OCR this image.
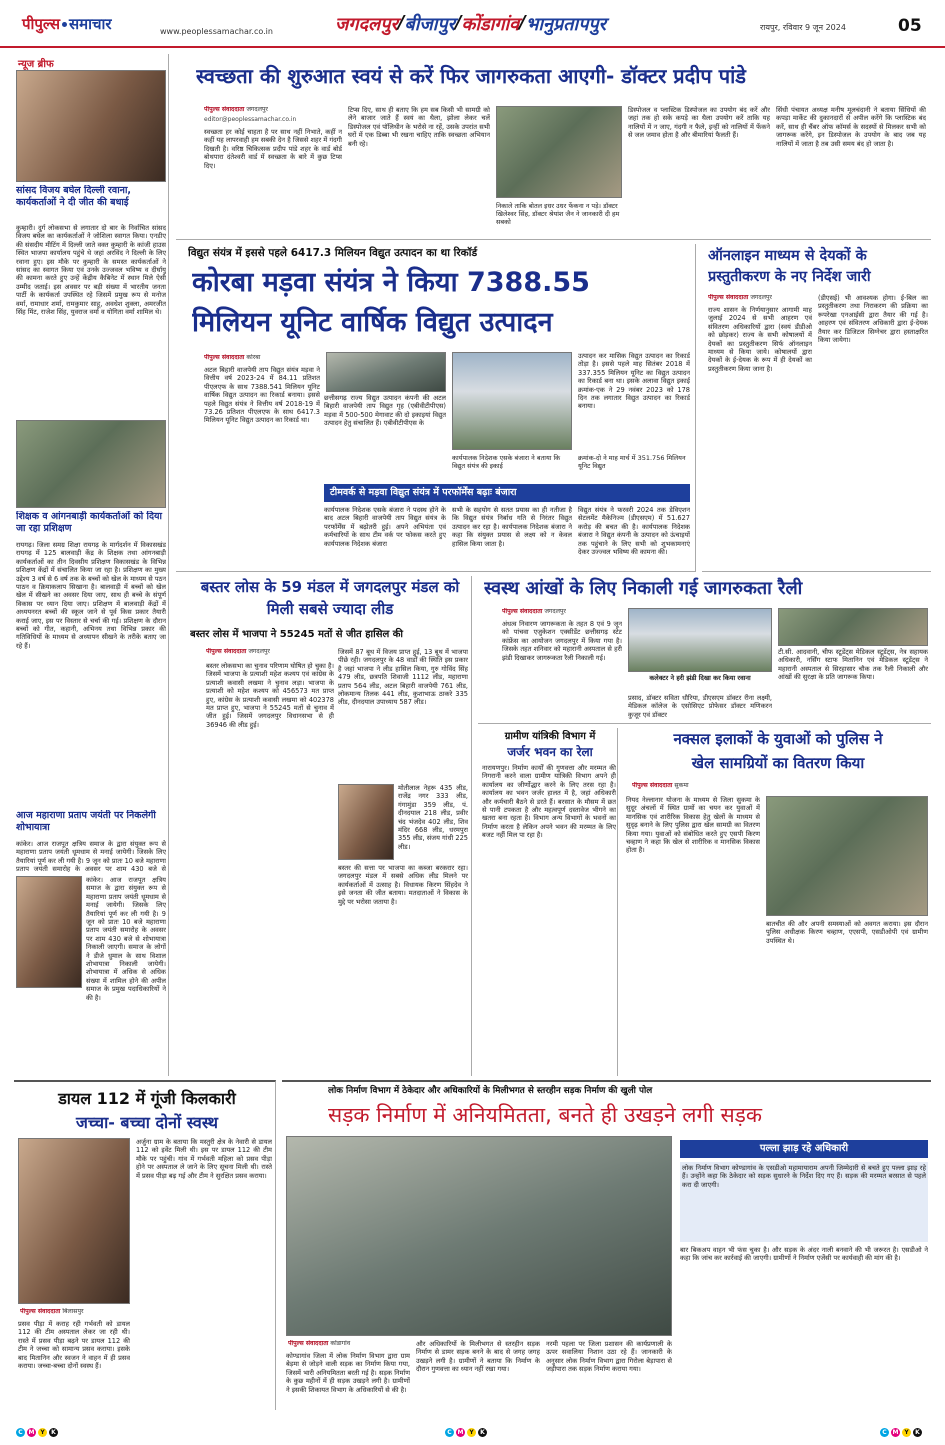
पीपुल्स समाचार	www.peoplessamachar.co.in	जगदलपुर / बीजापुर / कोंडागांव / भानुप्रतापपुर	रायपुर, रविवार 9 जून 2024	05
न्यूज ब्रीफ
सांसद विजय बघेल दिल्ली रवाना, कार्यकर्ताओं ने दी जीत की बधाई
कुम्हारी। दुर्ग लोकसभा से लगातार दो बार के निर्वाचित सांसद विजय बघेल का कार्यकर्ताओं ने जोशिला स्वागत किया। एनडीए की संसदीय मीटिंग में दिल्ली जाते वक्त कुम्हारी के कांजी हाउस स्थित भाजपा कार्यालय पहुंचे थे जहां अरविंद ने दिल्ली के लिए रवाना हुए। इस मौके पर कुम्हारी के समस्त कार्यकर्ताओं ने सांसद का स्वागत किया एवं उनके उज्जवल भविष्य व दीर्घायु की कामना करते हुए उन्हें केंद्रीय कैबिनेट में स्थान मिले ऐसी उम्मीद जताई। इस अवसर पर बड़ी संख्या में भारतीय जनता पार्टी के कार्यकर्ता उपस्थित रहे जिसमें प्रमुख रूप से मनोज वर्मा, रामाधार शर्मा, रामकुमार साहू, अवधेश शुक्ला, अमरजीत सिंह मिंट, राजेश सिंह, युवराज वर्मा व योगिता वर्मा शामिल थे।
शिक्षक व आंगनबाड़ी कार्यकर्ताओं को दिया जा रहा प्रशिक्षण
रायगढ़। जिला समग्र शिक्षा रायगढ़ के मार्गदर्शन में विकासखंड रायगढ़ में 125 बालवाड़ी केंद्र के शिक्षक तथा आंगनबाड़ी कार्यकर्ताओं का तीन दिवसीय प्रशिक्षण विकासखंड के विभिन्न प्रशिक्षण केंद्रों में संचालित किया जा रहा है। प्रशिक्षण का मुख्य उद्देश्य 3 वर्ष से 6 वर्ष तक के बच्चों को खेल के माध्यम से पठन पाठन व क्रियाकलाप सिखाना है। बालवाड़ी में बच्चों को खेल खेल में सीखने का अवसर दिया जाए, साथ ही बच्चे के संपूर्ण विकास पर ध्यान दिया जाए। प्रशिक्षण में बालवाड़ी केंद्रों में अध्ययनरत बच्चों की स्कूल जाने से पूर्व किस प्रकार तैयारी कराई जाए, इस पर विस्तार से चर्चा की गई। प्रशिक्षण के दौरान बच्चों को गीत, कहानी, अभिनय तथा विभिन्न प्रकार की गतिविधियों के माध्यम से अध्यापन सीखने के तरीके बताए जा रहे हैं।
आज महाराणा प्रताप जयंती पर निकलेगी शोभायात्रा
कांकेर। आज राजपूत क्षत्रिय समाज के द्वारा संयुक्त रूप से महाराणा प्रताप जयंती धूमधाम से मनाई जायेगी। जिसके लिए तैयारियां पूर्ण कर ली गयी है। 9 जून को प्रातः 10 बजे महाराणा प्रताप जयंती समारोह के अवसर पर शाम 430 बजे से
कांकेर। आज राजपूत क्षत्रिय समाज के द्वारा संयुक्त रूप से महाराणा प्रताप जयंती धूमधाम से मनाई जायेगी। जिसके लिए तैयारियां पूर्ण कर ली गयी है। 9 जून को प्रातः 10 बजे महाराणा प्रताप जयंती समारोह के अवसर पर शाम 430 बजे से शोभायात्रा निकाली जाएगी। समाज के लोगों ने डीजे धुमाल के साथ विशाल शोभायात्रा निकाली जायेगी। शोभायात्रा में अधिक से अधिक संख्या में शामिल होने की अपील समाज के प्रमुख पदाधिकारियों ने की है।
स्वच्छता की शुरुआत स्वयं से करें फिर जागरुकता आएगी- डॉक्टर प्रदीप पांडे
पीपुल्स संवाददाता जगदलपुर
editor@peoplessamachar.co.in
स्वच्छता हर कोई चाहता है पर साथ नहीं निभाते, कहीं न कहीं यह लापरवाही हम सबकी देन है जिससे शहर में गंदगी दिखती है। वरिष्ठ चिकित्सक प्रदीप पांडे शहर के वार्ड बोर्ड बोथपारा दंतेश्वरी वार्ड में स्वच्छता के बारे में कुछ टिप्स दिए।
टिप्स दिए, साथ ही बताए कि हम सब किसी भी सामग्री को लेने बाजार जाते हैं स्वयं का थैला, झोला लेकर चलें डिस्पोजल एवं पॉलिथीन के भरोसे ना रहें, उसके उपरांत सभी घरों में एक डिब्बा भी रखना चाहिए ताकि स्वच्छता अभियान बनी रहे।
निकाले ताकि बोतल इधर उधर फेंकना न पड़े। डॉक्टर खिलेश्वर सिंह, डॉक्टर श्रेयांश जैन ने जानकारी दी हम सबको
डिस्पोजल व प्लास्टिक डिस्पोजल का उपयोग बंद करें और जहां तक हो सके कपड़े का थैला उपयोग करें ताकि यह नालियों में न जाए, गंदगी न फैले, इन्हीं को नालियों में फेंकने से जल जमाव होता है और बीमारियां फैलती हैं।
सिंधी पंचायत अध्यक्ष मनीष मूलचंदानी ने बताया सिंधियों की कपड़ा मार्केट की दुकानदारों से अपील करेंगे कि प्लास्टिक बंद करें, साथ ही चैंबर ऑफ कॉमर्स के सदस्यों से मिलकर सभी को जागरूक करेंगे, इन डिस्पोजल के उपयोग के बाद जब यह नालियों में जाता है तब उसी समय बंद हो जाता है।
विद्युत संयंत्र में इससे पहले 6417.3 मिलियन विद्युत उत्पादन का था रिकॉर्ड
कोरबा मड़वा संयंत्र ने किया 7388.55
मिलियन यूनिट वार्षिक विद्युत उत्पादन
पीपुल्स संवाददाता कोरबा
अटल बिहारी वाजपेयी ताप विद्युत संयंत्र मड़वा ने वित्तीय वर्ष 2023-24 में 84.11 प्रतिशत पीएलएफ के साथ 7388.541 मिलियन यूनिट वार्षिक विद्युत उत्पादन का रिकार्ड बनाया। इससे पहले विद्युत संयंत्र ने वित्तीय वर्ष 2018-19 में 73.26 प्रतिशत पीएलएफ के साथ 6417.3 मिलियन यूनिट विद्युत उत्पादन का रिकार्ड था।
छत्तीसगढ़ राज्य विद्युत उत्पादन कंपनी की अटल बिहारी वाजपेयी ताप विद्युत गृह (एबीवीटीपीएस) मड़वा में 500-500 मेगावाट की दो इकाइयां विद्युत उत्पादन हेतु संचालित हैं। एबीवीटीपीएस के
कार्यपालक निदेशक एसके बंजारा ने बताया कि विद्युत संयंत्र की इकाई
क्रमांक-दो ने माह मार्च में 351.756 मिलियन यूनिट विद्युत
टीमवर्क से मड़वा विद्युत संयंत्र में परफॉर्मेंस बढ़ाः बंजारा
कार्यपालक निदेशक एसके बंजारा ने पदस्थ होने के बाद अटल बिहारी वाजपेयी ताप विद्युत संयंत्र के परफॉर्मेंस में बढ़ोतरी हुई। अपने अभियंता एवं कर्मचारियों के साथ टीम वर्क पर फोकस करते हुए कार्यपालक निदेशक बंजारा
सभी के सहयोग से सतत प्रयास का ही नतीजा है कि विद्युत संयंत्र निर्बाध गति से निरंतर विद्युत उत्पादन कर रहा है। कार्यपालक निदेशक बंजारा ने कहा कि संयुक्त प्रयास से लक्ष्य को न केवल हासिल किया जाता है।
उत्पादन कर मासिक विद्युत उत्पादन का रिकार्ड तोड़ा है। इससे पहले माह सितंबर 2018 में 337.355 मिलियन यूनिट का विद्युत उत्पादन का रिकार्ड बना था। इसके अलावा विद्युत इकाई क्रमांक-एक ने 29 नवंबर 2023 को 178 दिन तक लगातार विद्युत उत्पादन का रिकार्ड बनाया।
विद्युत संयंत्र ने फरवरी 2024 तक डेविएशन सेटलमेंट मैकेनिज्म (डीएसएम) में 51.627 करोड़ की बचत की है। कार्यपालक निदेशक बंजारा ने विद्युत कंपनी के उत्पादन को ऊंचाइयों तक पहुंचाने के लिए सभी को शुभकामनाएं देकर उज्ज्वल भविष्य की कामना की।
ऑनलाइन माध्यम से देयकों के प्रस्तुतीकरण के नए निर्देश जारी
पीपुल्स संवाददाता जगदलपुर
राज्य शासन के निर्णयानुसार आगामी माह जुलाई 2024 से सभी आहरण एवं संवितरण अधिकारियों द्वारा (स्वयं डीडीओ को छोड़कर) राज्य के सभी कोषालयों में देयकों का प्रस्तुतीकरण सिर्फ ऑनलाइन माध्यम से किया जाये। कोषालयों द्वारा देयकों के ई-देयक के रूप में ही देयकों का प्रस्तुतीकरण किया जाना है।
(डीएसई) भी आवश्यक होगा। ई-बिल का प्रस्तुतीकरण तथा निराकरण की प्रक्रिया का रूपरेखा एनआईसी द्वारा तैयार की गई है। आहरण एवं संवितरण अधिकारी द्वारा ई-देयक तैयार कर डिजिटल सिग्नेचर द्वारा हस्ताक्षरित किया जायेगा।
बस्तर लोस के 59 मंडल में जगदलपुर मंडल को मिली सबसे ज्यादा लीड
बस्तर लोस में भाजपा ने 55245 मतों से जीत हासिल की
पीपुल्स संवाददाता जगदलपुर
बस्तर लोकसभा का चुनाव परिणाम घोषित हो चुका है। जिसमें भाजपा के प्रत्याशी महेश कश्यप एवं कांग्रेस के प्रत्याशी कवासी लखमा ने चुनाव लड़ा। भाजपा के प्रत्याशी को महेश कश्यप को 456573 मत प्राप्त हुए, कांग्रेस के प्रत्याशी कवासी लखमा को 402378 मत प्राप्त हुए, भाजपा ने 55245 मतों से चुनाव में जीत हुई। जिसमें जगदलपुर विधानसभा से ही 36946 की लीड हुई।
जिसमें 87 बूथ में विजय प्राप्त हुई, 13 बूथ में भाजपा पीछे रही। जगदलपुर के 48 वार्डों की स्थिति इस प्रकार है जहां भाजपा ने लीड हासिल किया, गुरु गोविंद सिंह 479 लीड, छत्रपति शिवाजी 1112 लीड, महाराणा प्रताप 564 लीड, अटल बिहारी वाजपेयी 761 लीड, लोकमान्य तिलक 441 लीड, कुशाभाऊ ठाकरे 335 लीड, दीनदयाल उपाध्याय 587 लीड।
मोतीलाल नेहरू 435 लीड, राजेंद्र नगर 333 लीड, गंगामुंडा 359 लीड, पं. दीनदयाल 218 लीड, प्रवीर चंद भंजदेव 402 लीड, शिव मंदिर 668 लीड, धरमपुरा 355 लीड, संजय गांधी 225 लीड।
बस्तर की सत्ता पर भाजपा का कब्जा बरकरार रहा। जगदलपुर मंडल में सबसे अधिक लीड मिलने पर कार्यकर्ताओं में उत्साह है। विधायक किरण सिंहदेव ने इसे जनता की जीत बताया। मतदाताओं ने विकास के मुद्दे पर भरोसा जताया है।
स्वस्थ आंखों के लिए निकाली गई जागरुकता रैली
पीपुल्स संवाददाता जगदलपुर
अंधत्व निवारण जागरूकता के तहत 8 एवं 9 जून को पांचवा एजुकेशन एक्सीडेंट छत्तीसगढ़ स्टेट कांफ्रेंस का आयोजन जगदलपुर में किया गया है। जिसके तहत शनिवार को महारानी अस्पताल से हरी झंडी दिखाकर जागरूकता रैली निकाली गई।
कलेक्टर ने हरी झंडी दिखा कर किया रवाना
प्रसाद, डॉक्टर सविता धौरिया, डीएसएम डॉक्टर रीना लक्ष्मी, मेडिकल कॉलेज के एसोसिएट प्रोफेसर डॉक्टर मणिकरन कुजूर एवं डॉक्टर
टी.सी. आदवानी, चीफ स्टूडेंट्स मेडिकल स्टूडेंट्स, नेत्र सहायक अधिकारी, नर्सिंग स्टाफ मितानिन एवं मेडिकल स्टूडेंट्स ने महारानी अस्पताल से सिरहासार चौक तक रैली निकाली और आंखों की सुरक्षा के प्रति जागरूक किया।
ग्रामीण यांत्रिकी विभाग में
जर्जर भवन का रेला
नारायणपुर। निर्माण कार्यों की गुणवत्ता और मरम्मत की निगरानी करने वाला ग्रामीण यांत्रिकी विभाग अपने ही कार्यालय का जीर्णोद्धार करने के लिए तरस रहा है। कार्यालय का भवन जर्जर हालत में है, जहां अधिकारी और कर्मचारी बैठने से डरते हैं। बरसात के मौसम में छत से पानी टपकता है और महत्वपूर्ण दस्तावेज भीगने का खतरा बना रहता है। विभाग अन्य विभागों के भवनों का निर्माण करता है लेकिन अपने भवन की मरम्मत के लिए बजट नहीं मिल पा रहा है।
नक्सल इलाकों के युवाओं को पुलिस ने
खेल सामग्रियों का वितरण किया
पीपुल्स संवाददाता सुकमा
नियद नेल्लानार योजना के माध्यम से जिला सुकमा के सुदूर अंचलों में स्थित ग्रामों का चयन कर युवाओं में मानसिक एवं शारीरिक विकास हेतु खेलों के माध्यम से सुदृढ़ बनाने के लिए पुलिस द्वारा खेल सामग्री का वितरण किया गया। युवाओं को संबोधित करते हुए एसपी किरण चव्हाण ने कहा कि खेल से शारीरिक व मानसिक विकास होता है।
बातचीत की और अपनी समस्याओं को अवगत कराया। इस दौरान पुलिस अधीक्षक किरण चव्हाण, एएसपी, एसडीओपी एवं ग्रामीण उपस्थित थे।
डायल 112 में गूंजी किलकारी
जच्चा- बच्चा दोनों स्वस्थ
पीपुल्स संवाददाता बिलासपुर
प्रसव पीड़ा में कराह रही गर्भवती को डायल 112 की टीम अस्पताल लेकर जा रही थी। रास्ते में प्रसव पीड़ा बढ़ने पर डायल 112 की टीम ने जच्चा को सामान्य प्रसव कराया। इसके बाद मितानिन और स्वजन ने वाहन में ही प्रसव कराया। जच्चा-बच्चा दोनों स्वस्थ हैं।
अर्जुना ग्राम के बताया कि मस्तुरी क्षेत्र के नेवारी से डायल 112 को इवेंट मिली थी। इस पर डायल 112 की टीम मौके पर पहुंची। गांव में गर्भवती महिला को प्रसव पीड़ा होने पर अस्पताल ले जाने के लिए सूचना मिली थी। रास्ते में प्रसव पीड़ा बढ़ गई और टीम ने सुरक्षित प्रसव कराया।
लोक निर्माण विभाग में ठेकेदार और अधिकारियों के मिलीभगत से स्तरहीन सड़क निर्माण की खुली पोल
सड़क निर्माण में अनियमितता, बनते ही उखड़ने लगी सड़क
पीपुल्स संवाददाता कोंडागांव
कोण्डागांव जिला में लोक निर्माण विभाग द्वारा ग्राम बेड़मा से जोड़ने वाली सड़क का निर्माण किया गया, जिसमें भारी अनियमितता बरती गई है। सड़क निर्माण के कुछ महीनों में ही सड़क उखड़ने लगी है। ग्रामीणों ने इसकी शिकायत विभाग के अधिकारियों से की है।
और अधिकारियों के मिलीभगत से स्तरहीन सड़क निर्माण से डामर सड़क बनने के बाद से जगह जगह उखड़ने लगी है। ग्रामीणों ने बताया कि निर्माण के दौरान गुणवत्ता का ध्यान नहीं रखा गया।
नरमी पहला पर जिला प्रशासन की कार्यप्रणाली के ऊपर सवालिया निशान उठा रहे हैं। जानकारी के अनुसार लोक निर्माण विभाग द्वारा गिरोला बेड़ापारा से जड़ीपारा तक सड़क निर्माण कराया गया।
पल्ला झाड़ रहे अधिकारी
लोक निर्माण विभाग कोण्डागांव के एसडीओ महामायाराम अपनी जिम्मेदारी से बचते हुए पल्ला झाड़ रहे हैं। उन्होंने कहा कि ठेकेदार को सड़क सुधारने के निर्देश दिए गए हैं। सड़क की मरम्मत बरसात से पहले करा दी जाएगी।
बार बिकअप वाहन भी फंस चुका है। और सड़क के अंदर नाली बनवाने की भी जरूरत है। एसडीओ ने कहा कि जांच कर कार्रवाई की जाएगी। ग्रामीणों ने निर्माण एजेंसी पर कार्यवाही की मांग की है।
C M Y	K	C M Y	K	C M Y	K
